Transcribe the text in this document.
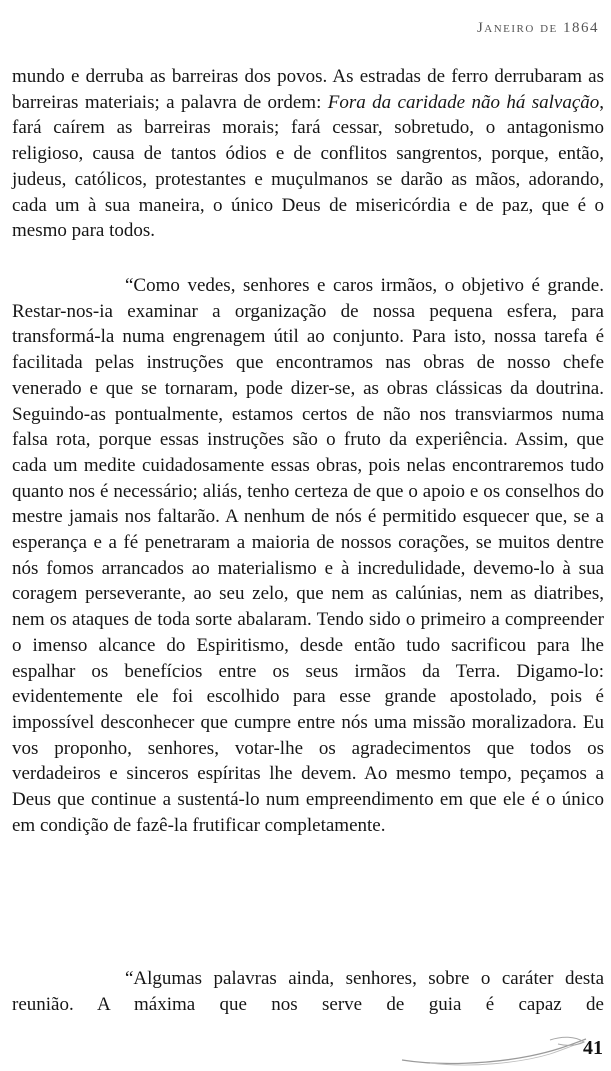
Janeiro de 1864

mundo e derruba as barreiras dos povos. As estradas de ferro derrubaram as barreiras materiais; a palavra de ordem: Fora da caridade não há salvação, fará caírem as barreiras morais; fará cessar, sobretudo, o antagonismo religioso, causa de tantos ódios e de conflitos sangrentos, porque, então, judeus, católicos, protestantes e muçulmanos se darão as mãos, adorando, cada um à sua maneira, o único Deus de misericórdia e de paz, que é o mesmo para todos.

“Como vedes, senhores e caros irmãos, o objetivo é grande. Restar-nos-ia examinar a organização de nossa pequena esfera, para transformá-la numa engrenagem útil ao conjunto. Para isto, nossa tarefa é facilitada pelas instruções que encontramos nas obras de nosso chefe venerado e que se tornaram, pode dizer-se, as obras clássicas da doutrina. Seguindo-as pontualmente, estamos certos de não nos transviarmos numa falsa rota, porque essas instruções são o fruto da experiência. Assim, que cada um medite cuidadosamente essas obras, pois nelas encontraremos tudo quanto nos é necessário; aliás, tenho certeza de que o apoio e os conselhos do mestre jamais nos faltarão. A nenhum de nós é permitido esquecer que, se a esperança e a fé penetraram a maioria de nossos corações, se muitos dentre nós fomos arrancados ao materialismo e à incredulidade, devemo-lo à sua coragem perseverante, ao seu zelo, que nem as calúnias, nem as diatribes, nem os ataques de toda sorte abalaram. Tendo sido o primeiro a compreender o imenso alcance do Espiritismo, desde então tudo sacrificou para lhe espalhar os benefícios entre os seus irmãos da Terra. Digamo-lo: evidentemente ele foi escolhido para esse grande apostolado, pois é impossível desconhecer que cumpre entre nós uma missão moralizadora. Eu vos proponho, senhores, votar-lhe os agradecimentos que todos os verdadeiros e sinceros espíritas lhe devem. Ao mesmo tempo, peçamos a Deus que continue a sustentá-lo num empreendimento em que ele é o único em condição de fazê-la frutificar completamente.

“Algumas palavras ainda, senhores, sobre o caráter desta reunião. A máxima que nos serve de guia é capaz de

41
